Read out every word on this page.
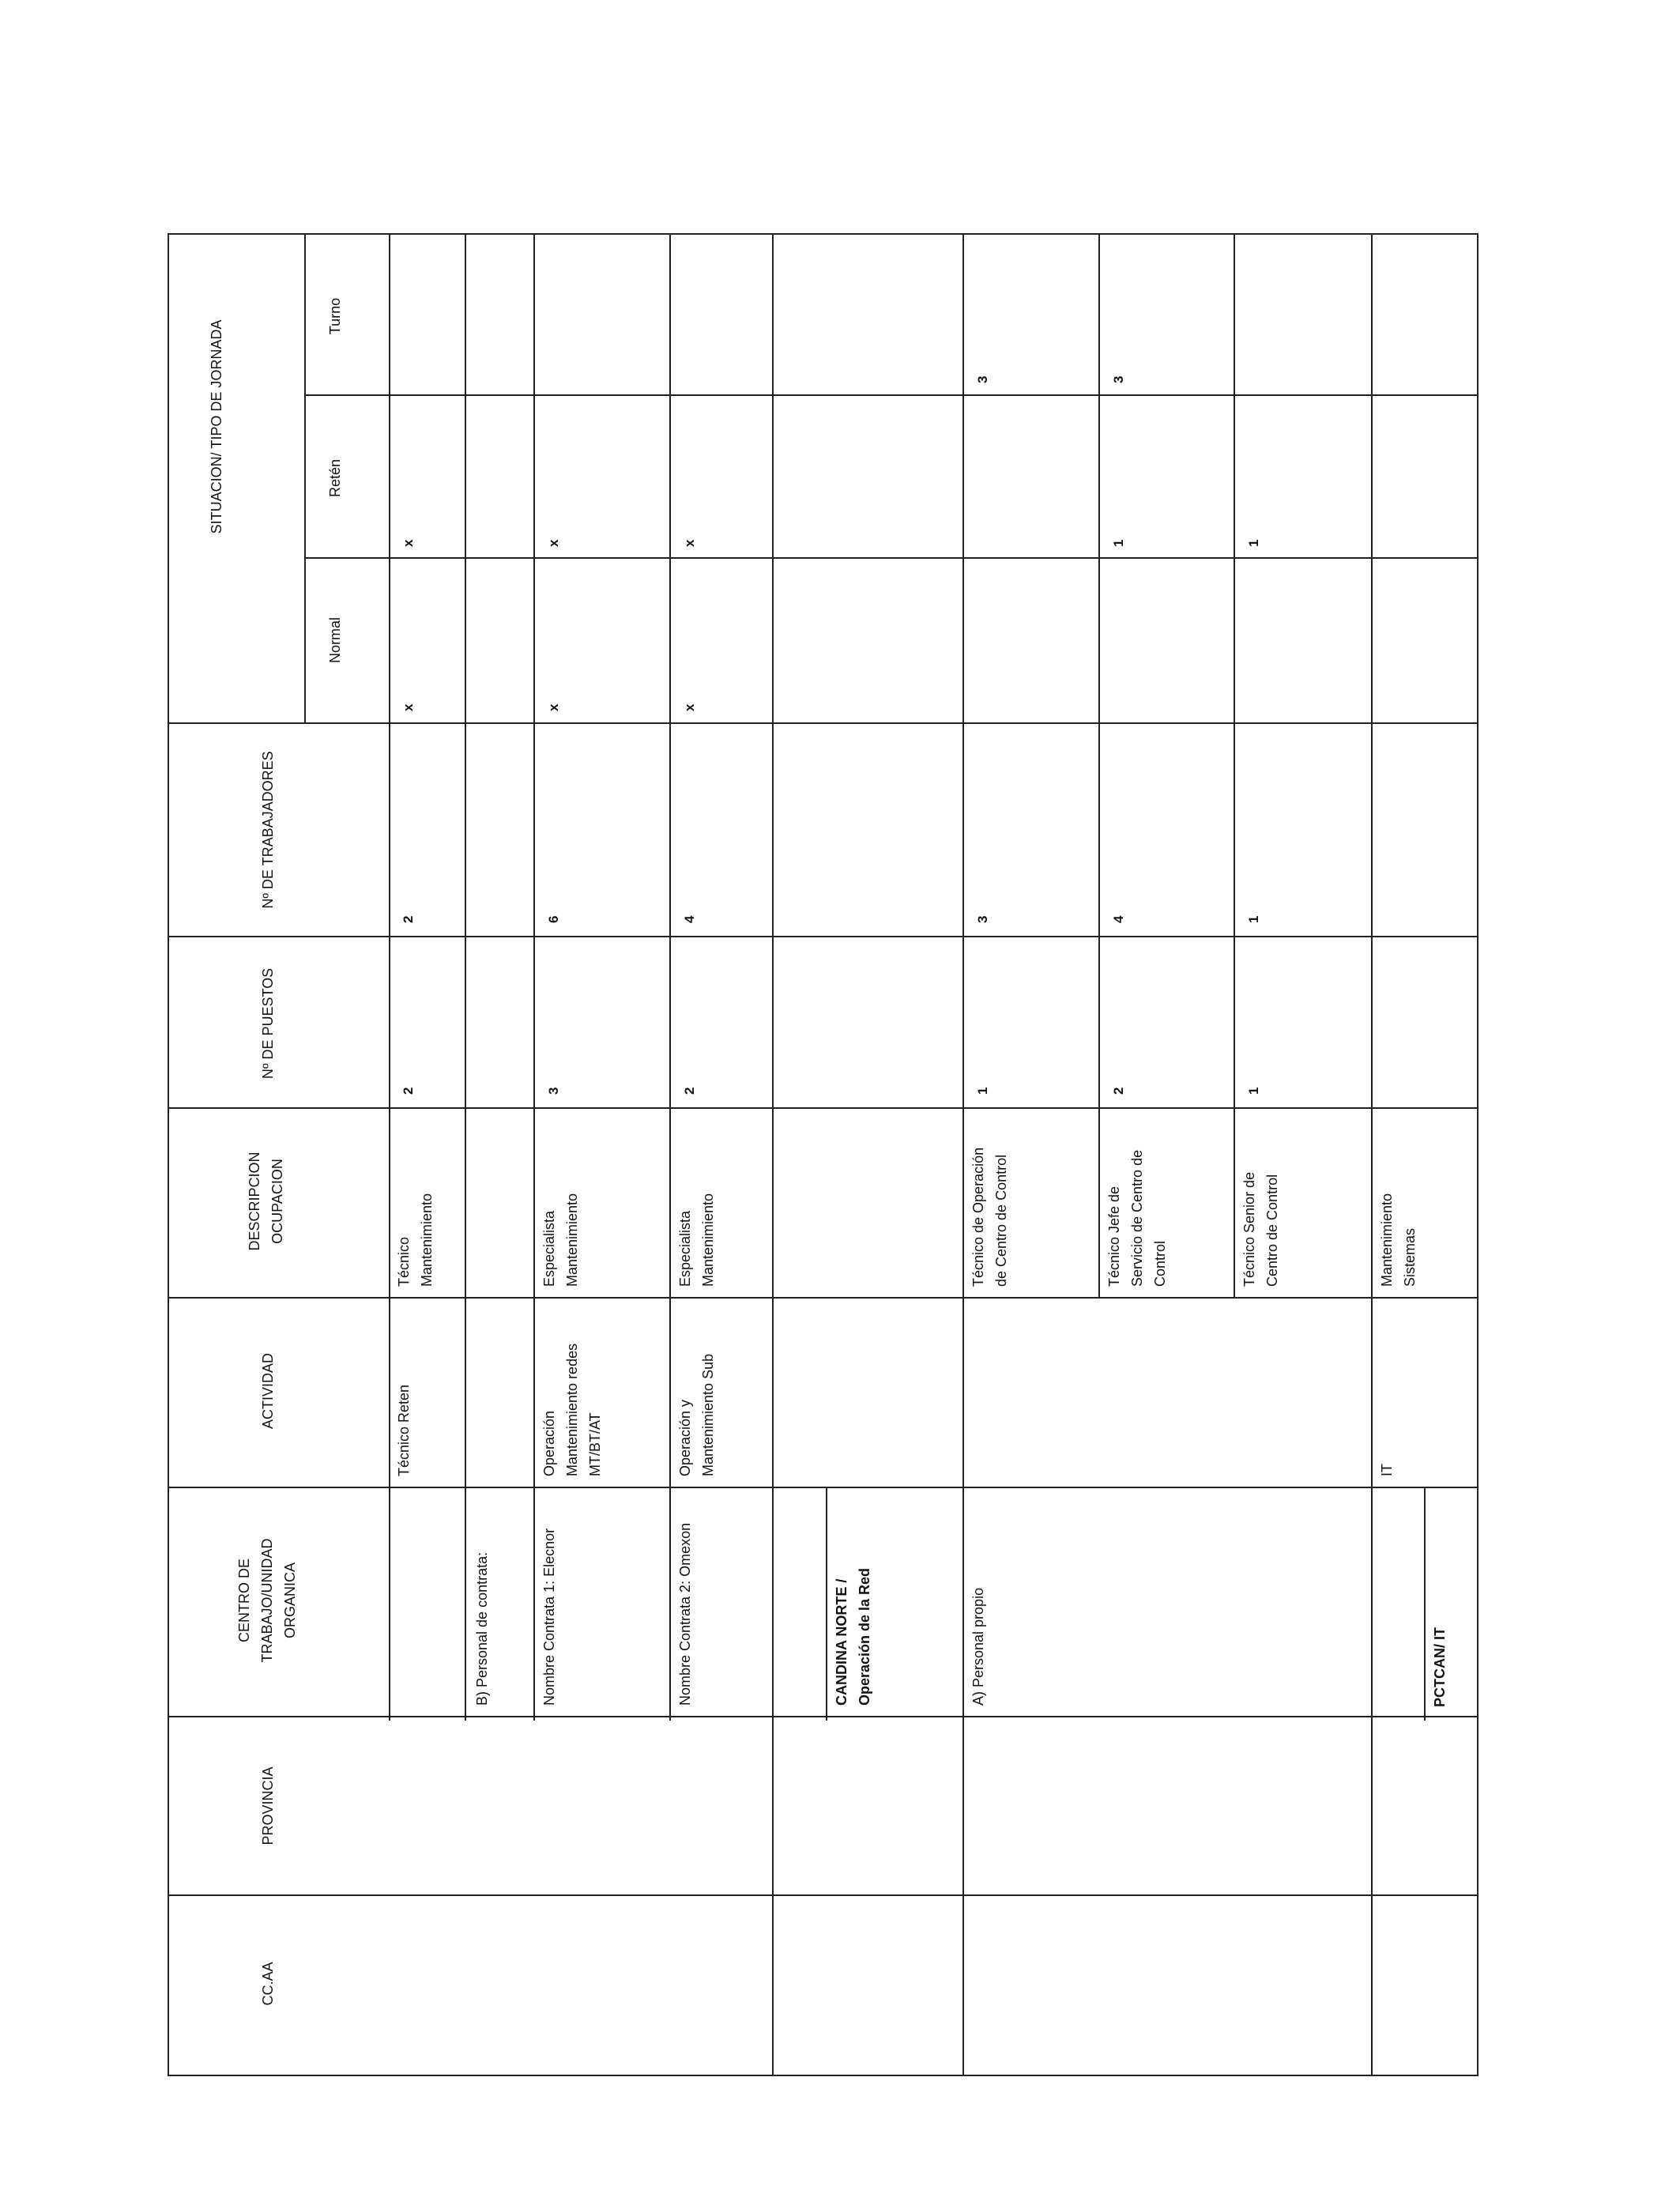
SITUACION/ TIPO DE JORNADA
Turno
Retén
Normal
Nº DE TRABAJADORES
Nº DE PUESTOS
DESCRIPCION
OCUPACION
ACTIVIDAD
CENTRO DE
TRABAJO/UNIDAD
ORGANICA
PROVINCIA
CC.AA
Técnico Reten
Técnico
Mantenimiento
2
2
x
x
B) Personal de contrata:	Nombre Contrata 1: Elecnor
Operación
Mantenimiento redes
MT/BT/AT
Especialista
Mantenimiento
3
6
x
x
Nombre Contrata 2: Omexon
Operación y
Mantenimiento Sub
Especialista
Mantenimiento
2
4
x
x
CANDINA NORTE /
Operación de la Red
A) Personal propio
Técnico de Operación
de Centro de Control
1
3
3
Técnico Jefe de
Servicio de Centro de
Control
2
4
1
3
Técnico Senior de
Centro de Control
1
1
1
IT
Mantenimiento
Sistemas
PCTCAN/ IT
